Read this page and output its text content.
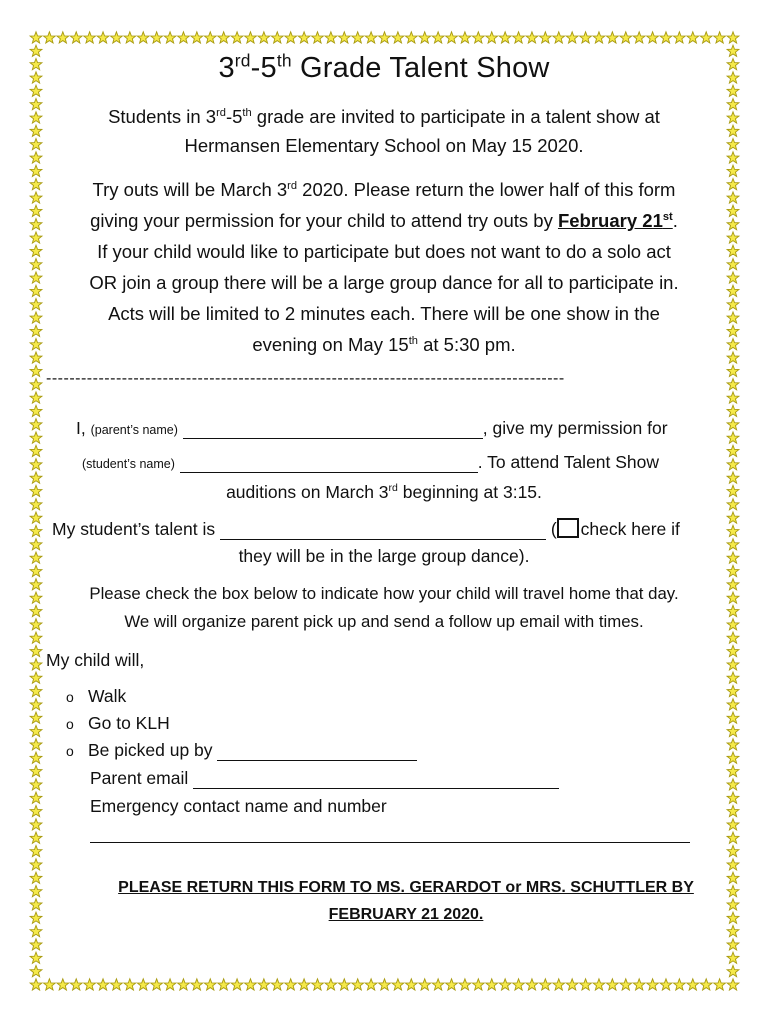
3rd-5th Grade Talent Show
Students in 3rd-5th grade are invited to participate in a talent show at
Hermansen Elementary School on May 15 2020.
Try outs will be March 3rd 2020. Please return the lower half of this form
giving your permission for your child to attend try outs by February 21st.
If your child would like to participate but does not want to do a solo act
OR join a group there will be a large group dance for all to participate in.
Acts will be limited to 2 minutes each. There will be one show in the
evening on May 15th at 5:30 pm.
-----------------------------------------------------------------------------------------
I, (parent’s name)	, give my permission for
(student’s name)	. To attend Talent Show
auditions on March 3rd beginning at 3:15.
My student’s talent is	( check here if
they will be in the large group dance).
Please check the box below to indicate how your child will travel home that day.
We will organize parent pick up and send a follow up email with times.
My child will,
o Walk
o Go to KLH
o Be picked up by
Parent email
Emergency contact name and number
PLEASE RETURN THIS FORM TO MS. GERARDOT or MRS. SCHUTTLER BY
FEBRUARY 21 2020.
